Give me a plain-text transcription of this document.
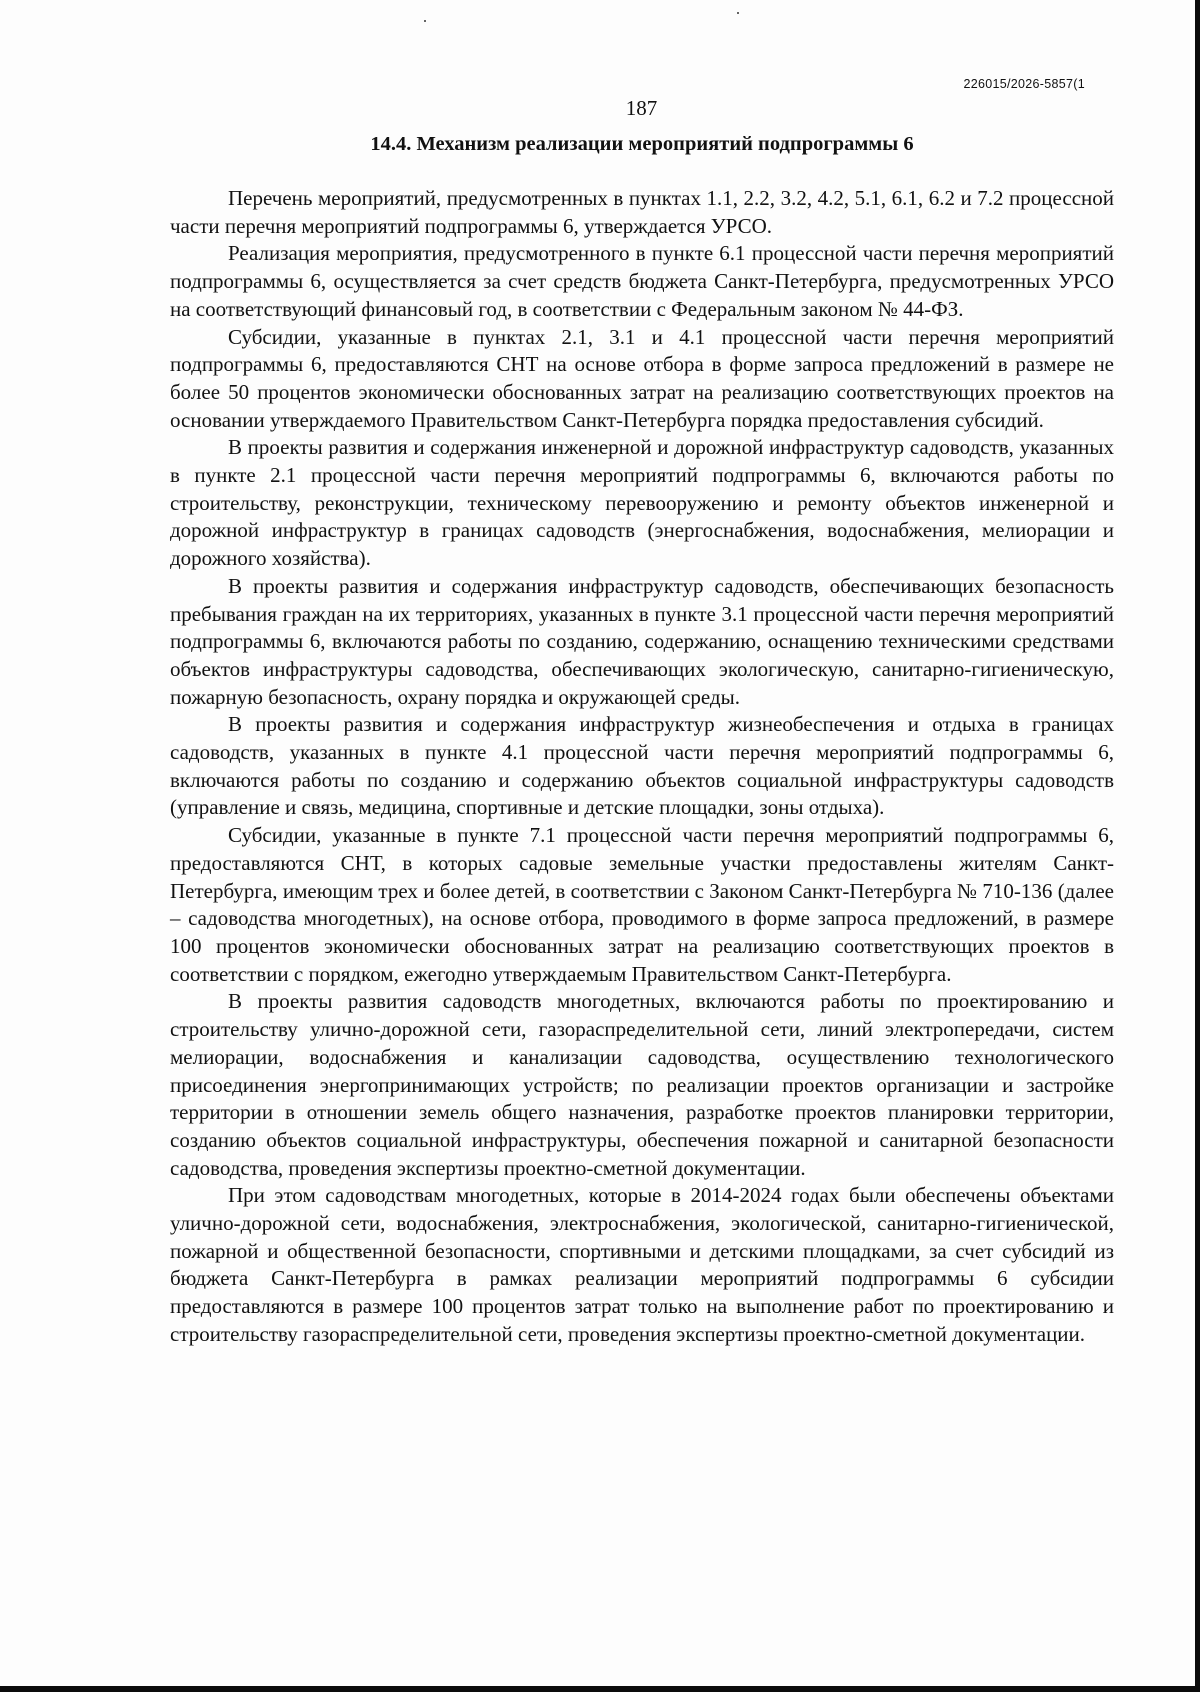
226015/2026-5857(1
187
14.4. Механизм реализации мероприятий подпрограммы 6

Перечень мероприятий, предусмотренных в пунктах 1.1, 2.2, 3.2, 4.2, 5.1, 6.1, 6.2 и 7.2 процессной части перечня мероприятий подпрограммы 6, утверждается УРСО.

Реализация мероприятия, предусмотренного в пункте 6.1 процессной части перечня мероприятий подпрограммы 6, осуществляется за счет средств бюджета Санкт-Петербурга, предусмотренных УРСО на соответствующий финансовый год, в соответствии с Федеральным законом № 44-ФЗ.

Субсидии, указанные в пунктах 2.1, 3.1 и 4.1 процессной части перечня мероприятий подпрограммы 6, предоставляются СНТ на основе отбора в форме запроса предложений в размере не более 50 процентов экономически обоснованных затрат на реализацию соответствующих проектов на основании утверждаемого Правительством Санкт-Петербурга порядка предоставления субсидий.

В проекты развития и содержания инженерной и дорожной инфраструктур садоводств, указанных в пункте 2.1 процессной части перечня мероприятий подпрограммы 6, включаются работы по строительству, реконструкции, техническому перевооружению и ремонту объектов инженерной и дорожной инфраструктур в границах садоводств (энергоснабжения, водоснабжения, мелиорации и дорожного хозяйства).

В проекты развития и содержания инфраструктур садоводств, обеспечивающих безопасность пребывания граждан на их территориях, указанных в пункте 3.1 процессной части перечня мероприятий подпрограммы 6, включаются работы по созданию, содержанию, оснащению техническими средствами объектов инфраструктуры садоводства, обеспечивающих экологическую, санитарно-гигиеническую, пожарную безопасность, охрану порядка и окружающей среды.

В проекты развития и содержания инфраструктур жизнеобеспечения и отдыха в границах садоводств, указанных в пункте 4.1 процессной части перечня мероприятий подпрограммы 6, включаются работы по созданию и содержанию объектов социальной инфраструктуры садоводств (управление и связь, медицина, спортивные и детские площадки, зоны отдыха).

Субсидии, указанные в пункте 7.1 процессной части перечня мероприятий подпрограммы 6, предоставляются СНТ, в которых садовые земельные участки предоставлены жителям Санкт-Петербурга, имеющим трех и более детей, в соответствии с Законом Санкт-Петербурга № 710-136 (далее – садоводства многодетных), на основе отбора, проводимого в форме запроса предложений, в размере 100 процентов экономически обоснованных затрат на реализацию соответствующих проектов в соответствии с порядком, ежегодно утверждаемым Правительством Санкт-Петербурга.

В проекты развития садоводств многодетных, включаются работы по проектированию и строительству улично-дорожной сети, газораспределительной сети, линий электропередачи, систем мелиорации, водоснабжения и канализации садоводства, осуществлению технологического присоединения энергопринимающих устройств; по реализации проектов организации и застройке территории в отношении земель общего назначения, разработке проектов планировки территории, созданию объектов социальной инфраструктуры, обеспечения пожарной и санитарной безопасности садоводства, проведения экспертизы проектно-сметной документации.

При этом садоводствам многодетных, которые в 2014-2024 годах были обеспечены объектами улично-дорожной сети, водоснабжения, электроснабжения, экологической, санитарно-гигиенической, пожарной и общественной безопасности, спортивными и детскими площадками, за счет субсидий из бюджета Санкт-Петербурга в рамках реализации мероприятий подпрограммы 6 субсидии предоставляются в размере 100 процентов затрат только на выполнение работ по проектированию и строительству газораспределительной сети, проведения экспертизы проектно-сметной документации.
